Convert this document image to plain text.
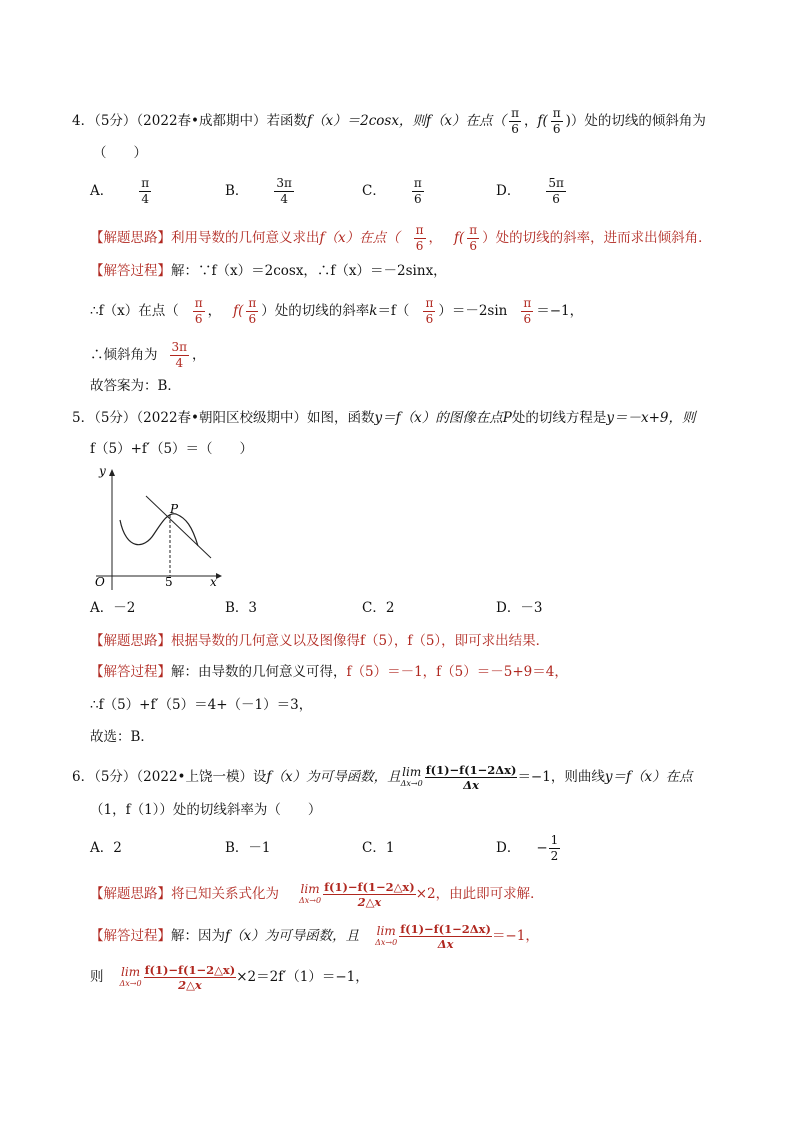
4．（5分）（2022春•成都期中）若函数f（x）＝2cosx，则f（x）在点（ $\frac{\pi}{6}$ ，$f( \frac{\pi}{6}$ )）处的切线的倾斜角为
（　　）
A． $\frac{\pi}{4}$	B． $\frac{3\pi}{4}$	C． $\frac{\pi}{6}$	D． $\frac{5\pi}{6}$
【解题思路】利用导数的几何意义求出f（x）在点（ $\frac{\pi}{6}$ ， $f( \frac{\pi}{6}$ ）处的切线的斜率，进而求出倾斜角．
【解答过程】解：∵f（x）＝2cosx，∴f（x）＝－2sinx，
∴f（x）在点（ $\frac{\pi}{6}$ ， $f( \frac{\pi}{6}$ ）处的切线的斜率$k=f( \frac{\pi}{6} )=-2\sin \frac{\pi}{6} =-1$，
∴倾斜角为 $\frac{3\pi}{4}$ ，
故答案为：B．
5．（5分）（2022春•朝阳区校级期中）如图，函数y＝f（x）的图像在点P处的切线方程是y＝－x+9，则
f（5）+f′（5）＝（　　）
y
x
O	5
P
A．－2	B．3	C．2	D．－3
【解题思路】根据导数的几何意义以及图像得f（5），f（5），即可求出结果．
【解答过程】解：由导数的几何意义可得，f（5）＝－1，f（5）＝－5+9＝4，
∴f（5）+f′（5）＝4+（－1）＝3，
故选：B．
6．（5分）（2022•上饶一模）设f（x）为可导函数，且 lim
$\Delta x\to 0 \frac{f(1)-f(1-2\Delta x)}{\Delta x} =-1$，则曲线y＝f（x）在点
（1，f（1））处的切线斜率为（　　）
A．2	B．－1	C．1	D． − $\frac{1}{2}$
【解题思路】将已知关系式化为 lim
$\Delta x\to 0 \frac{f(1)-f(1-2\triangle x)}{2\triangle x} \times 2$，由此即可求解．
【解答过程】解：因为f（x）为可导函数，且 lim
$\Delta x\to 0 \frac{f(1)-f(1-2\Delta x)}{\Delta x} =-1$，
则 lim
$\Delta x\to 0 \frac{f(1)-f(1-2\triangle x)}{2\triangle x} \times 2=2f'(1)=-1$，
